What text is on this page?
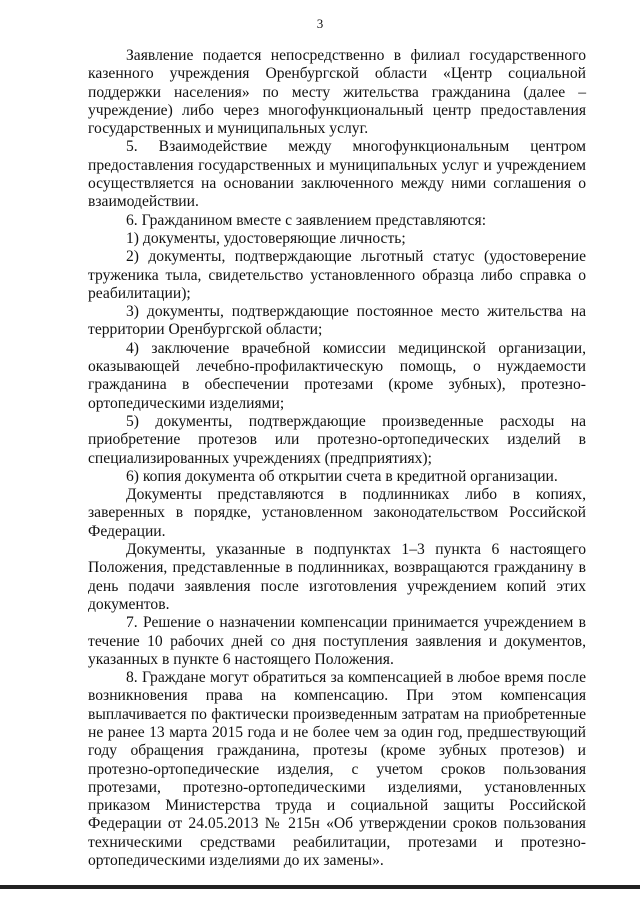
3

Заявление подается непосредственно в филиал государственного казенного учреждения Оренбургской области «Центр социальной поддержки населения» по месту жительства гражданина (далее – учреждение) либо через многофункциональный центр предоставления государственных и муниципальных услуг.

5. Взаимодействие между многофункциональным центром предоставления государственных и муниципальных услуг и учреждением осуществляется на основании заключенного между ними соглашения о взаимодействии.

6. Гражданином вместе с заявлением представляются:

1) документы, удостоверяющие личность;

2) документы, подтверждающие льготный статус (удостоверение труженика тыла, свидетельство установленного образца либо справка о реабилитации);

3) документы, подтверждающие постоянное место жительства на территории Оренбургской области;

4) заключение врачебной комиссии медицинской организации, оказывающей лечебно-профилактическую помощь, о нуждаемости гражданина в обеспечении протезами (кроме зубных), протезно-ортопедическими изделиями;

5) документы, подтверждающие произведенные расходы на приобретение протезов или протезно-ортопедических изделий в специализированных учреждениях (предприятиях);

6) копия документа об открытии счета в кредитной организации.

Документы представляются в подлинниках либо в копиях, заверенных в порядке, установленном законодательством Российской Федерации.

Документы, указанные в подпунктах 1–3 пункта 6 настоящего Положения, представленные в подлинниках, возвращаются гражданину в день подачи заявления после изготовления учреждением копий этих документов.

7. Решение о назначении компенсации принимается учреждением в течение 10 рабочих дней со дня поступления заявления и документов, указанных в пункте 6 настоящего Положения.

8. Граждане могут обратиться за компенсацией в любое время после возникновения права на компенсацию. При этом компенсация выплачивается по фактически произведенным затратам на приобретенные не ранее 13 марта 2015 года и не более чем за один год, предшествующий году обращения гражданина, протезы (кроме зубных протезов) и протезно-ортопедические изделия, с учетом сроков пользования протезами, протезно-ортопедическими изделиями, установленных приказом Министерства труда и социальной защиты Российской Федерации от 24.05.2013 № 215н «Об утверждении сроков пользования техническими средствами реабилитации, протезами и протезно-ортопедическими изделиями до их замены».
